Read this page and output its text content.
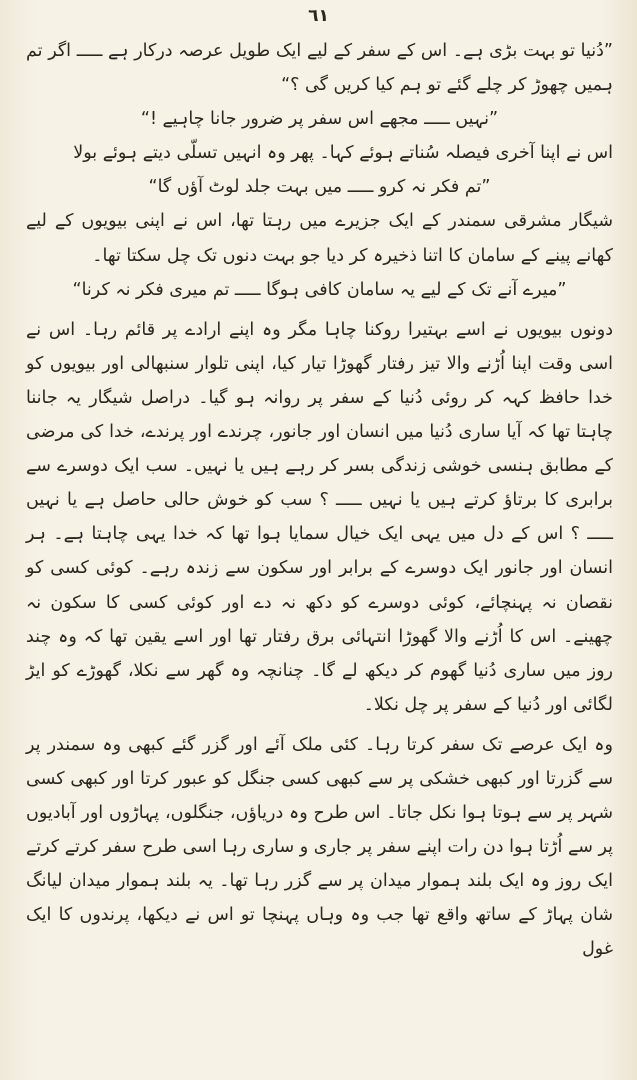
٦١

”دُنیا تو بہت بڑی ہے۔ اس کے سفر کے لیے ایک طویل عرصہ درکار ہے ـــــ اگر تم ہمیں چھوڑ کر چلے گئے تو ہم کیا کریں گی ؟“

”نہیں ـــــ مجھے اس سفر پر ضرور جانا چاہیے !“

اس نے اپنا آخری فیصلہ سُناتے ہوئے کہا۔ پھر وہ انہیں تسلّی دیتے ہوئے بولا

”تم فکر نہ کرو ـــــ میں بہت جلد لوٹ آؤں گا“

شیگار مشرقی سمندر کے ایک جزیرے میں رہتا تھا، اس نے اپنی بیویوں کے لیے کھانے پینے کے سامان کا اتنا ذخیرہ کر دیا جو بہت دنوں تک چل سکتا تھا۔

”میرے آنے تک کے لیے یہ سامان کافی ہوگا ـــــ تم میری فکر نہ کرنا“

دونوں بیویوں نے اسے بہتیرا روکنا چاہا مگر وہ اپنے ارادے پر قائم رہا۔ اس نے اسی وقت اپنا اُڑنے والا تیز رفتار گھوڑا تیار کیا، اپنی تلوار سنبھالی اور بیویوں کو خدا حافظ کہہ کر روئی دُنیا کے سفر پر روانہ ہو گیا۔ دراصل شیگار یہ جاننا چاہتا تھا کہ آیا ساری دُنیا میں انسان اور جانور، چرندے اور پرندے، خدا کی مرضی کے مطابق ہنسی خوشی زندگی بسر کر رہے ہیں یا نہیں۔ سب ایک دوسرے سے برابری کا برتاؤ کرتے ہیں یا نہیں ـــــ ؟ سب کو خوش حالی حاصل ہے یا نہیں ـــــ ؟ اس کے دل میں یہی ایک خیال سمایا ہوا تھا کہ خدا یہی چاہتا ہے۔ ہر انسان اور جانور ایک دوسرے کے برابر اور سکون سے زندہ رہے۔ کوئی کسی کو نقصان نہ پہنچائے، کوئی دوسرے کو دکھ نہ دے اور کوئی کسی کا سکون نہ چھینے۔ اس کا اُڑنے والا گھوڑا انتہائی برق رفتار تھا اور اسے یقین تھا کہ وہ چند روز میں ساری دُنیا گھوم کر دیکھ لے گا۔ چنانچہ وہ گھر سے نکلا، گھوڑے کو ایڑ لگائی اور دُنیا کے سفر پر چل نکلا۔

وہ ایک عرصے تک سفر کرتا رہا۔ کئی ملک آئے اور گزر گئے کبھی وہ سمندر پر سے گزرتا اور کبھی خشکی پر سے کبھی کسی جنگل کو عبور کرتا اور کبھی کسی شہر پر سے ہوتا ہوا نکل جاتا۔ اس طرح وہ دریاؤں، جنگلوں، پہاڑوں اور آبادیوں پر سے اُڑتا ہوا دن رات اپنے سفر پر جاری و ساری رہا اسی طرح سفر کرتے کرتے ایک روز وہ ایک بلند ہموار میدان پر سے گزر رہا تھا۔ یہ بلند ہموار میدان لیانگ شان پہاڑ کے ساتھ واقع تھا جب وہ وہاں پہنچا تو اس نے دیکھا، پرندوں کا ایک غول
